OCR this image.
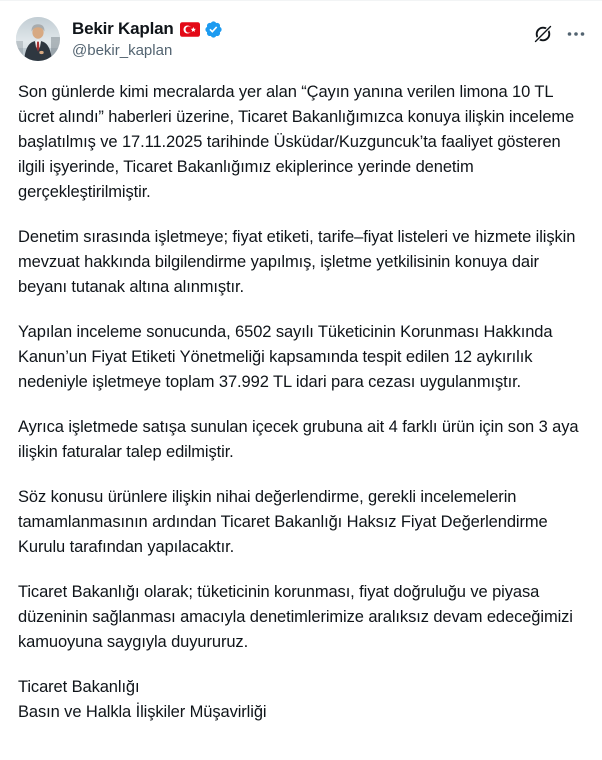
Bekir Kaplan
@bekir_kaplan

Son günlerde kimi mecralarda yer alan “Çayın yanına verilen limona 10 TL ücret alındı” haberleri üzerine, Ticaret Bakanlığımızca konuya ilişkin inceleme başlatılmış ve 17.11.2025 tarihinde Üsküdar/Kuzguncuk’ta faaliyet gösteren ilgili işyerinde, Ticaret Bakanlığımız ekiplerince yerinde denetim gerçekleştirilmiştir.

Denetim sırasında işletmeye; fiyat etiketi, tarife–fiyat listeleri ve hizmete ilişkin mevzuat hakkında bilgilendirme yapılmış, işletme yetkilisinin konuya dair beyanı tutanak altına alınmıştır.

Yapılan inceleme sonucunda, 6502 sayılı Tüketicinin Korunması Hakkında Kanun’un Fiyat Etiketi Yönetmeliği kapsamında tespit edilen 12 aykırılık nedeniyle işletmeye toplam 37.992 TL idari para cezası uygulanmıştır.

Ayrıca işletmede satışa sunulan içecek grubuna ait 4 farklı ürün için son 3 aya ilişkin faturalar talep edilmiştir.

Söz konusu ürünlere ilişkin nihai değerlendirme, gerekli incelemelerin tamamlanmasının ardından Ticaret Bakanlığı Haksız Fiyat Değerlendirme Kurulu tarafından yapılacaktır.

Ticaret Bakanlığı olarak; tüketicinin korunması, fiyat doğruluğu ve piyasa düzeninin sağlanması amacıyla denetimlerimize aralıksız devam edeceğimizi kamuoyuna saygıyla duyururuz.

Ticaret Bakanlığı
Basın ve Halkla İlişkiler Müşavirliği
